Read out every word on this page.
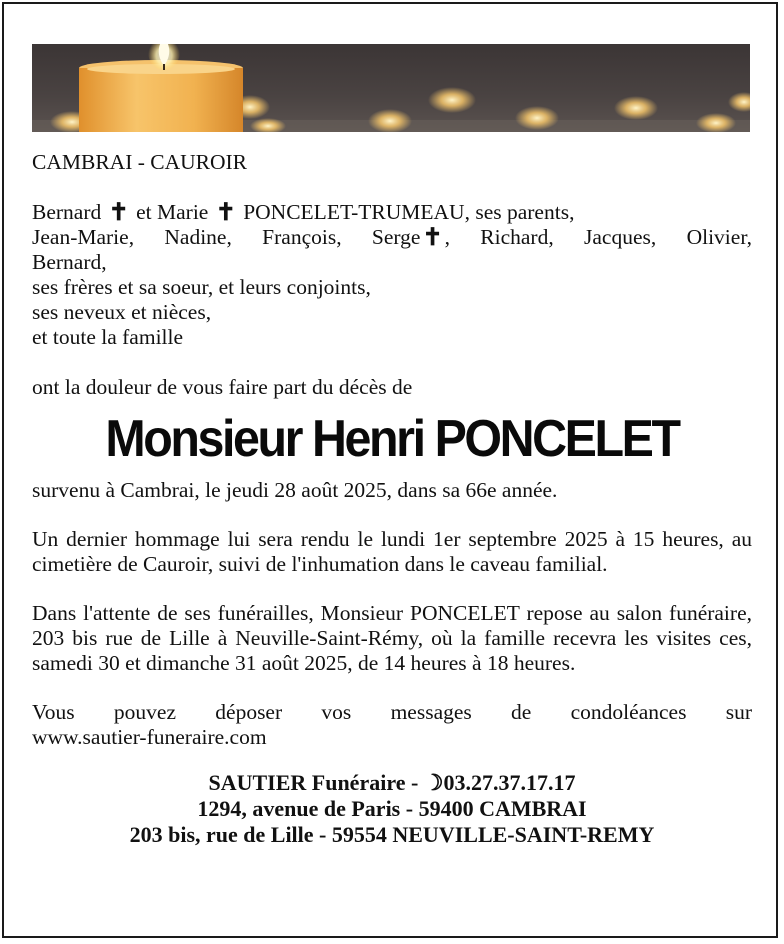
CAMBRAI - CAUROIR

Bernard ✝ et Marie ✝ PONCELET-TRUMEAU, ses parents,
Jean-Marie, Nadine, François, Serge✝, Richard, Jacques, Olivier,
Bernard,
ses frères et sa soeur, et leurs conjoints,
ses neveux et nièces,
et toute la famille

ont la douleur de vous faire part du décès de

Monsieur Henri PONCELET

survenu à Cambrai, le jeudi 28 août 2025, dans sa 66e année.

Un dernier hommage lui sera rendu le lundi 1er septembre 2025 à 15 heures, au cimetière de Cauroir, suivi de l'inhumation dans le caveau familial.

Dans l'attente de ses funérailles, Monsieur PONCELET repose au salon funéraire, 203 bis rue de Lille à Neuville-Saint-Rémy, où la famille recevra les visites ces, samedi 30 et dimanche 31 août 2025, de 14 heures à 18 heures.

Vous pouvez déposer vos messages de condoléances sur
www.sautier-funeraire.com

SAUTIER Funéraire - ☽03.27.37.17.17
1294, avenue de Paris - 59400 CAMBRAI
203 bis, rue de Lille - 59554 NEUVILLE-SAINT-REMY
